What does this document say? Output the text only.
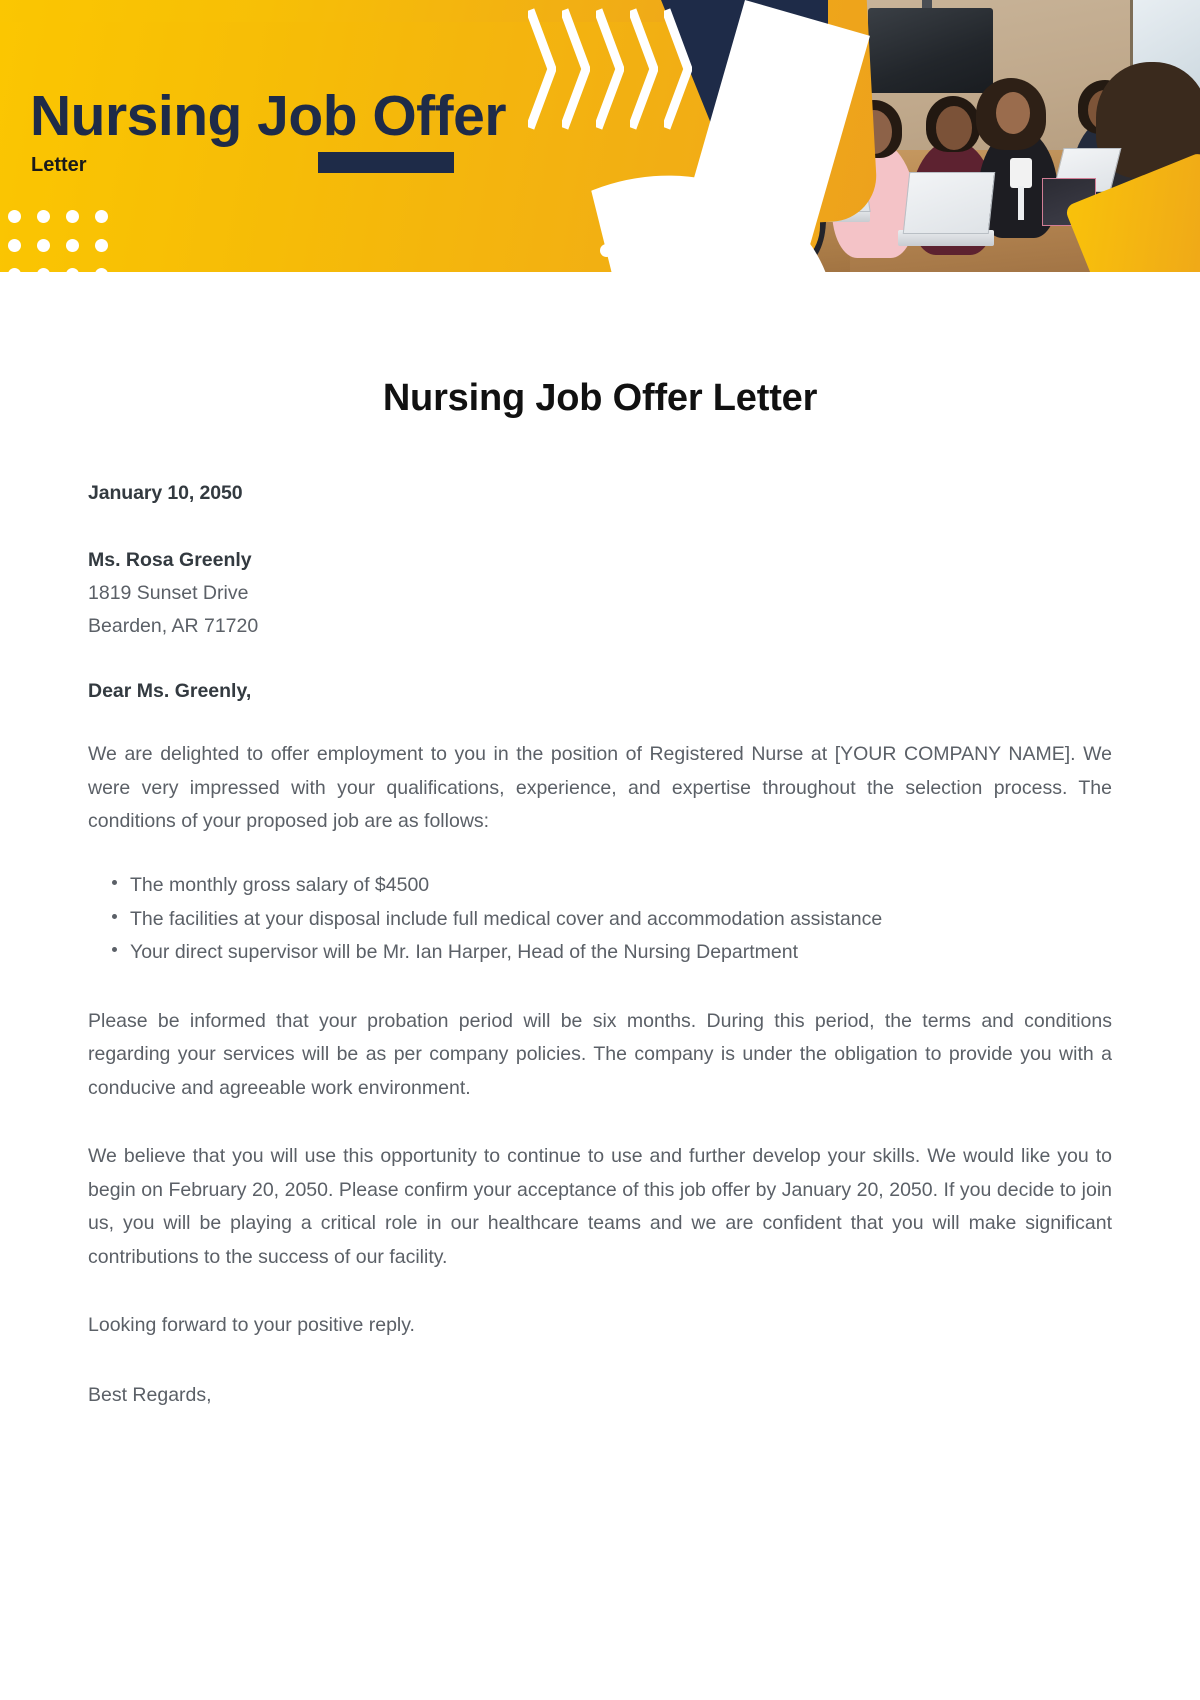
Nursing Job Offer
Letter
Nursing Job Offer Letter
January 10, 2050
Ms. Rosa Greenly
1819 Sunset Drive
Bearden, AR 71720
Dear Ms. Greenly,

We are delighted to offer employment to you in the position of Registered Nurse at [YOUR COMPANY NAME]. We were very impressed with your qualifications, experience, and expertise throughout the selection process. The conditions of your proposed job are as follows:

The monthly gross salary of $4500
The facilities at your disposal include full medical cover and accommodation assistance
Your direct supervisor will be Mr. Ian Harper, Head of the Nursing Department

Please be informed that your probation period will be six months. During this period, the terms and conditions regarding your services will be as per company policies. The company is under the obligation to provide you with a conducive and agreeable work environment.

We believe that you will use this opportunity to continue to use and further develop your skills. We would like you to begin on February 20, 2050. Please confirm your acceptance of this job offer by January 20, 2050. If you decide to join us, you will be playing a critical role in our healthcare teams and we are confident that you will make significant contributions to the success of our facility.

Looking forward to your positive reply.

Best Regards,
